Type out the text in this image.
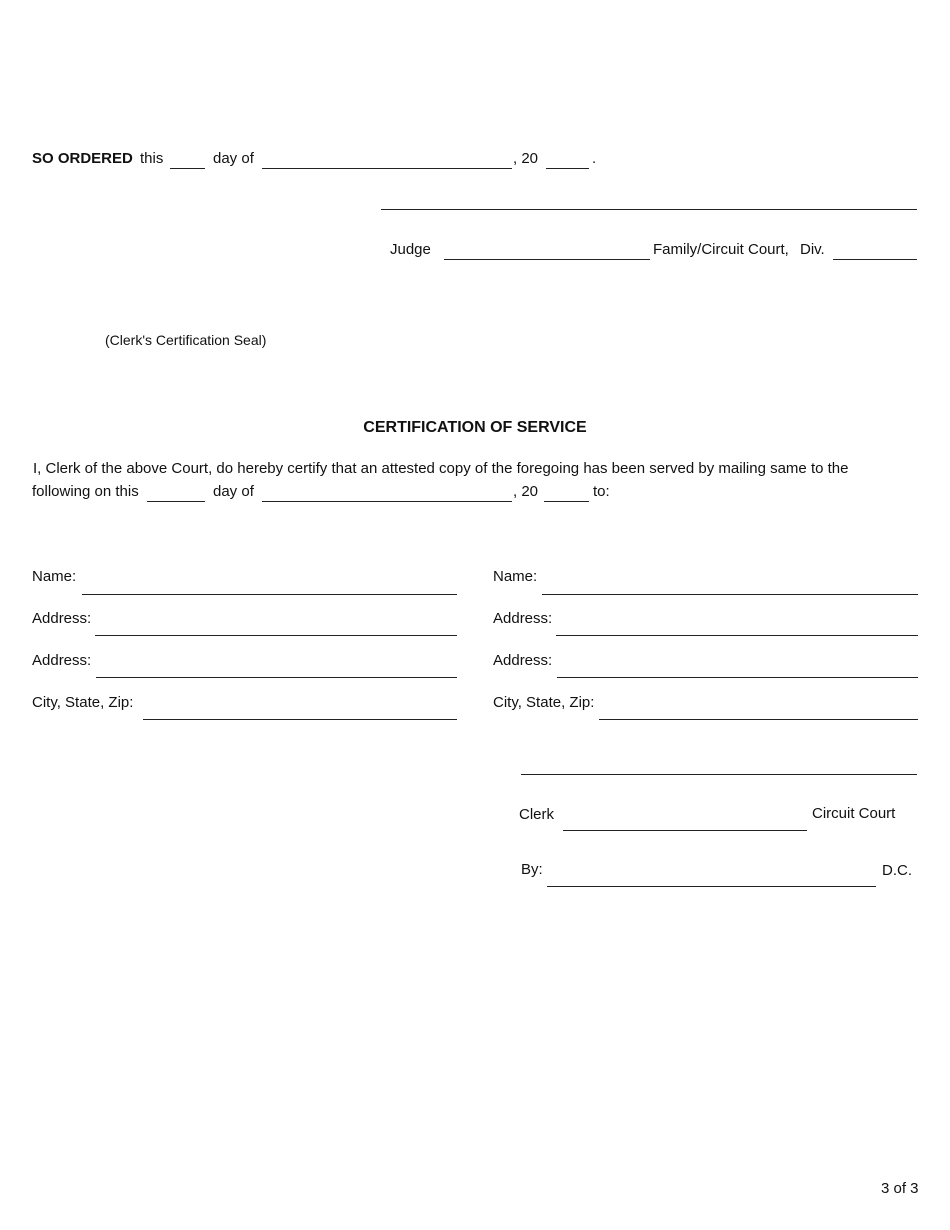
SO ORDERED this	day of	, 20	.
Judge	Family/Circuit Court, Div.
(Clerk's Certification Seal)
CERTIFICATION OF SERVICE
I, Clerk of the above Court, do hereby certify that an attested copy of the foregoing has been served by mailing same to the
following on this	day of	, 20	to:
Name:
Address:
Address:
City, State, Zip:
Name:
Address:
Address:
City, State, Zip:
Clerk	Circuit Court
By:	D.C.
3 of 3
